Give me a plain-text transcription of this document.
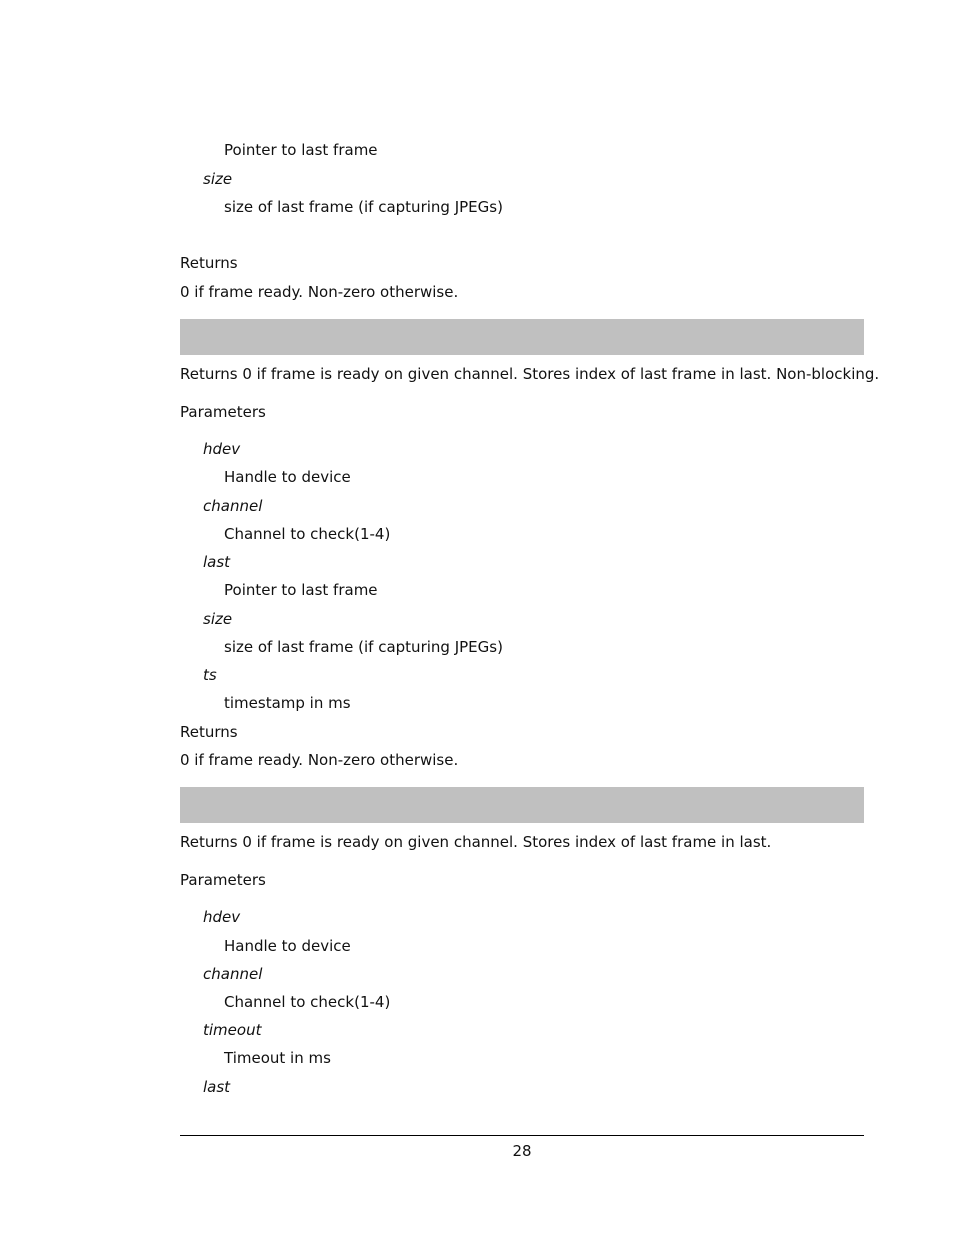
Pointer to last frame
size
size of last frame (if capturing JPEGs)
Returns
0 if frame ready. Non-zero otherwise.
Returns 0 if frame is ready on given channel. Stores index of last frame in last. Non-blocking.
Parameters
hdev
Handle to device
channel
Channel to check(1-4)
last
Pointer to last frame
size
size of last frame (if capturing JPEGs)
ts
timestamp in ms
Returns
0 if frame ready. Non-zero otherwise.
Returns 0 if frame is ready on given channel. Stores index of last frame in last.
Parameters
hdev
Handle to device
channel
Channel to check(1-4)
timeout
Timeout in ms
last
28
